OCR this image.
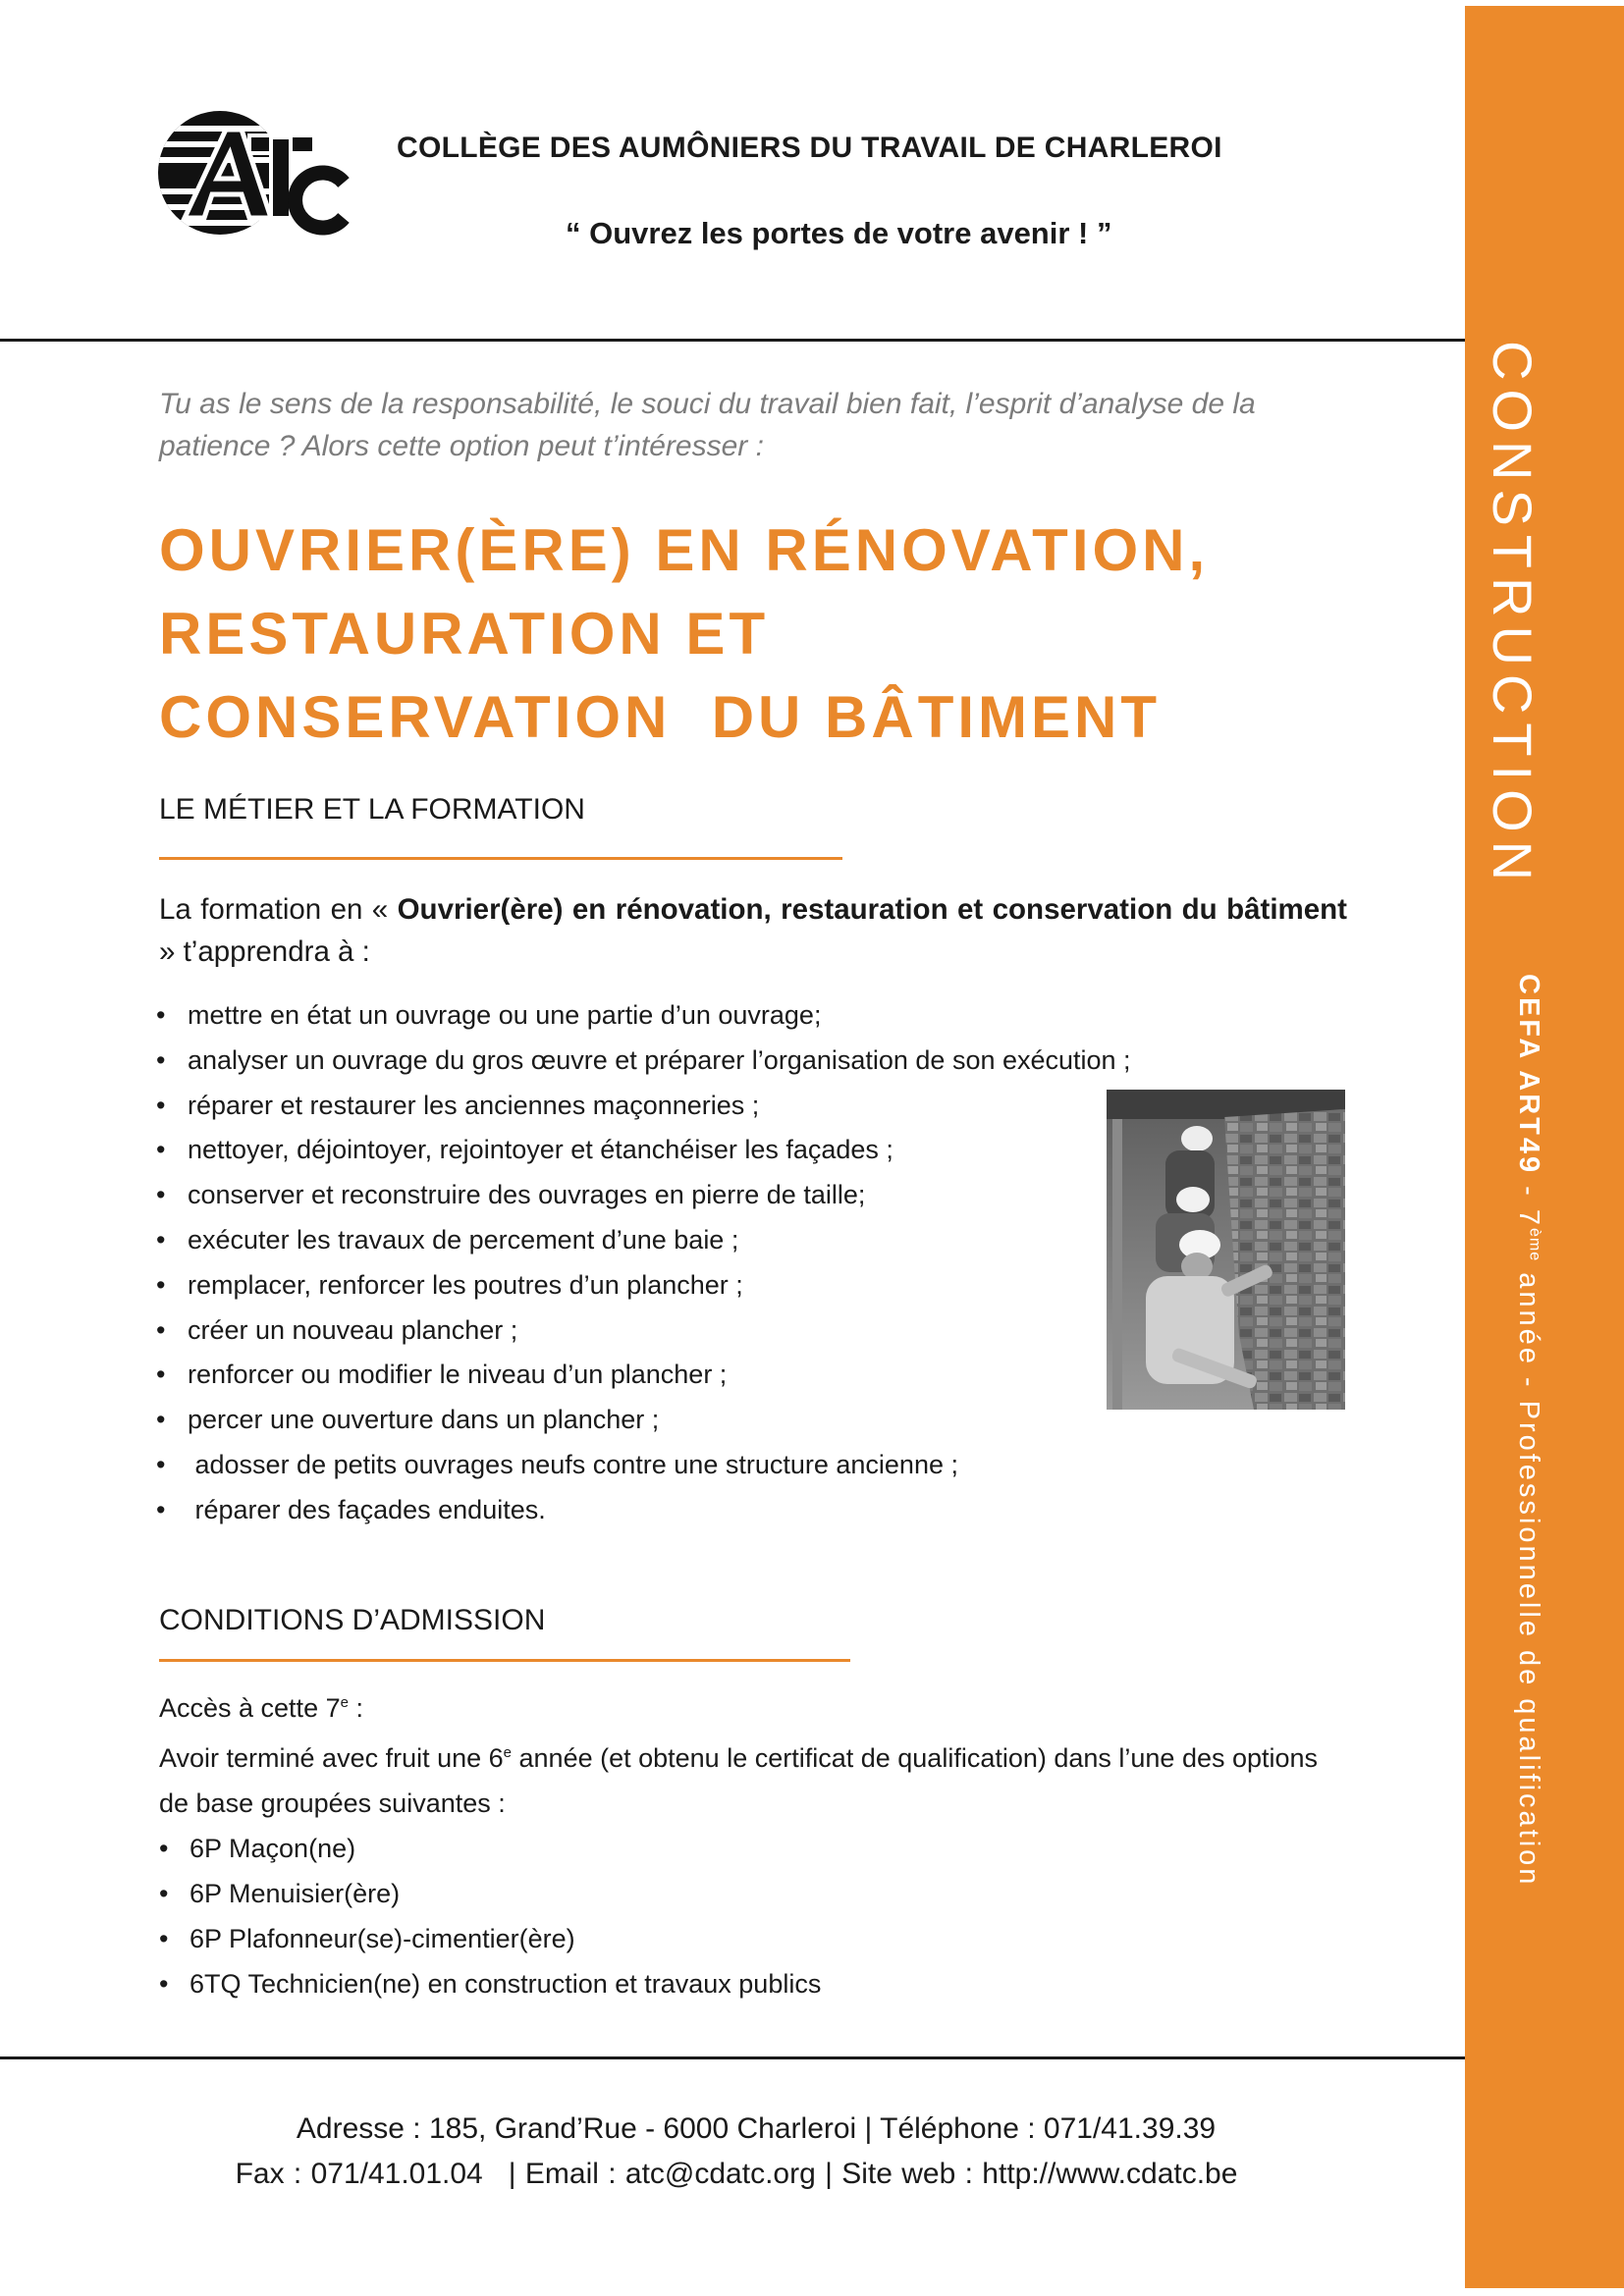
COLLÈGE DES AUMÔNIERS DU TRAVAIL DE CHARLEROI
“ Ouvrez les portes de votre avenir ! ”
Tu as le sens de la responsabilité, le souci du travail bien fait, l’esprit d’analyse de la patience ? Alors cette option peut t’intéresser :
OUVRIER(ÈRE) EN RÉNOVATION,
RESTAURATION ET
CONSERVATION  DU BÂTIMENT
LE MÉTIER ET LA FORMATION
La formation en « Ouvrier(ère) en rénovation, restauration et conservation du bâtiment » t’apprendra à :
• mettre en état un ouvrage ou une partie d’un ouvrage;
• analyser un ouvrage du gros œuvre et préparer l’organisation de son exécution ;
• réparer et restaurer les anciennes maçonneries ;
• nettoyer, déjointoyer, rejointoyer et étanchéiser les façades ;
• conserver et reconstruire des ouvrages en pierre de taille;
• exécuter les travaux de percement d’une baie ;
• remplacer, renforcer les poutres d’un plancher ;
• créer un nouveau plancher ;
• renforcer ou modifier le niveau d’un plancher ;
• percer une ouverture dans un plancher ;
• adosser de petits ouvrages neufs contre une structure ancienne ;
• réparer des façades enduites.
CONDITIONS D’ADMISSION
Accès à cette 7e :
Avoir terminé avec fruit une 6e année (et obtenu le certificat de qualification) dans l’une des options de base groupées suivantes :
• 6P Maçon(ne)
• 6P Menuisier(ère)
• 6P Plafonneur(se)-cimentier(ère)
• 6TQ Technicien(ne) en construction et travaux publics
Adresse : 185, Grand’Rue - 6000 Charleroi | Téléphone : 071/41.39.39
Fax : 071/41.01.04 | Email : atc@cdatc.org | Site web : http://www.cdatc.be
CONSTRUCTION
CEFA ART49 - 7ème année - Professionnelle de qualification
